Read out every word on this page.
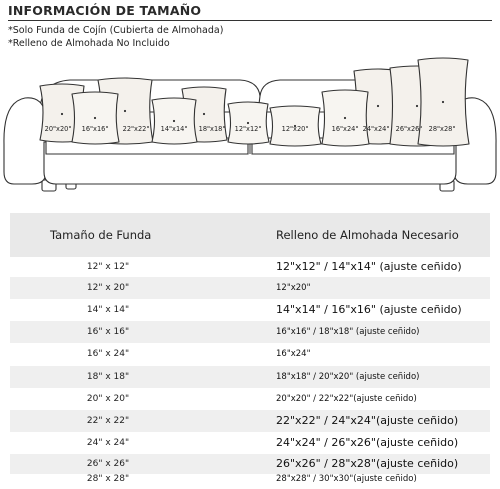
INFORMACIÓN DE TAMAÑO
*Solo Funda de Cojín (Cubierta de Almohada)
*Relleno de Almohada No Incluido
20"x20" 16"x16" 22"x22" 14"x14" 18"x18" 12"x12"	12"x20"	16"x24" 24"x24" 26"x26" 28"x28"
Tamaño de Funda	Relleno de Almohada Necesario
12" x 12"	12"x12" / 14"x14" (ajuste ceñido)
12" x 20"	12"x20"
14" x 14"	14"x14" / 16"x16" (ajuste ceñido)
16" x 16"	16"x16" / 18"x18" (ajuste ceñido)
16" x 24"	16"x24"
18" x 18"	18"x18" / 20"x20" (ajuste ceñido)
20" x 20"	20"x20" / 22"x22"(ajuste ceñido)
22" x 22"	22"x22" / 24"x24"(ajuste ceñido)
24" x 24"	24"x24" / 26"x26"(ajuste ceñido)
26" x 26"	26"x26" / 28"x28"(ajuste ceñido)
28" x 28"	28"x28" / 30"x30"(ajuste ceñido)
